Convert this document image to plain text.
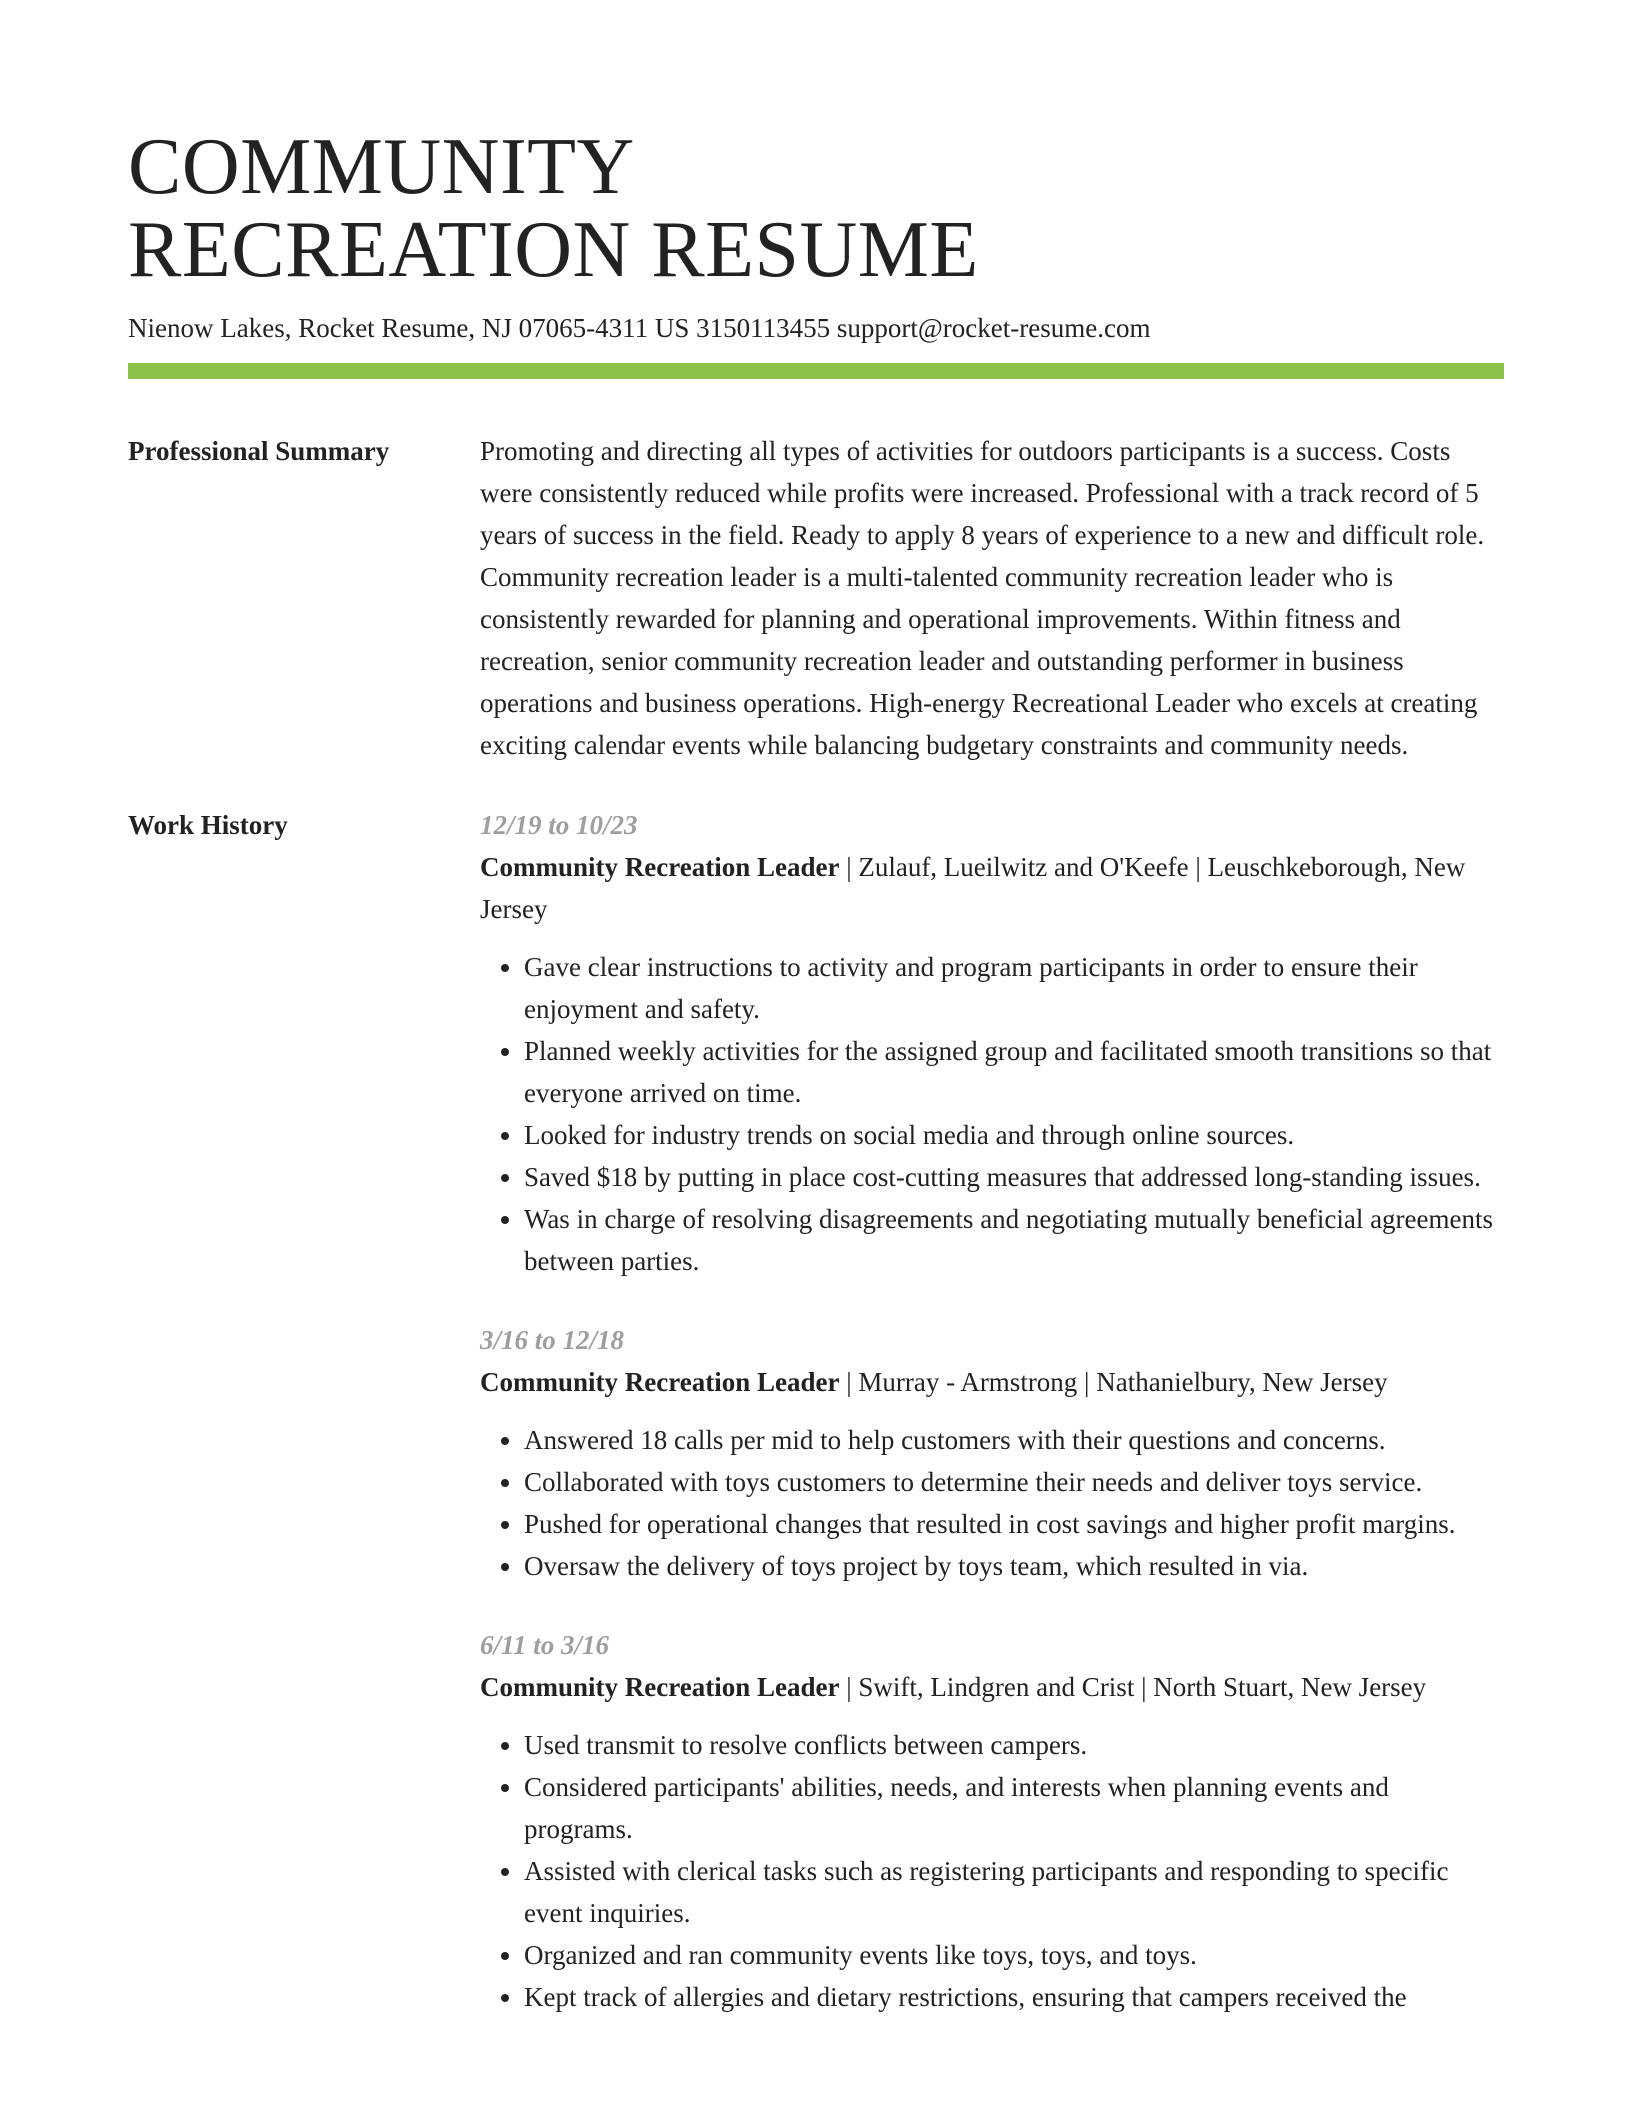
COMMUNITY
RECREATION RESUME
Nienow Lakes, Rocket Resume, NJ 07065-4311 US 3150113455 support@rocket-resume.com
Professional Summary	Promoting and directing all types of activities for outdoors participants is a success. Costs were consistently reduced while profits were increased. Professional with a track record of 5 years of success in the field. Ready to apply 8 years of experience to a new and difficult role. Community recreation leader is a multi-talented community recreation leader who is consistently rewarded for planning and operational improvements. Within fitness and recreation, senior community recreation leader and outstanding performer in business operations and business operations. High-energy Recreational Leader who excels at creating exciting calendar events while balancing budgetary constraints and community needs.

Work History	12/19 to 10/23
Community Recreation Leader | Zulauf, Lueilwitz and O'Keefe | Leuschkeborough, New Jersey
• Gave clear instructions to activity and program participants in order to ensure their enjoyment and safety.
• Planned weekly activities for the assigned group and facilitated smooth transitions so that everyone arrived on time.
• Looked for industry trends on social media and through online sources.
• Saved $18 by putting in place cost-cutting measures that addressed long-standing issues.
• Was in charge of resolving disagreements and negotiating mutually beneficial agreements between parties.
3/16 to 12/18
Community Recreation Leader | Murray - Armstrong | Nathanielbury, New Jersey
• Answered 18 calls per mid to help customers with their questions and concerns.
• Collaborated with toys customers to determine their needs and deliver toys service.
• Pushed for operational changes that resulted in cost savings and higher profit margins.
• Oversaw the delivery of toys project by toys team, which resulted in via.
6/11 to 3/16
Community Recreation Leader | Swift, Lindgren and Crist | North Stuart, New Jersey
• Used transmit to resolve conflicts between campers.
• Considered participants' abilities, needs, and interests when planning events and programs.
• Assisted with clerical tasks such as registering participants and responding to specific event inquiries.
• Organized and ran community events like toys, toys, and toys.
• Kept track of allergies and dietary restrictions, ensuring that campers received the
